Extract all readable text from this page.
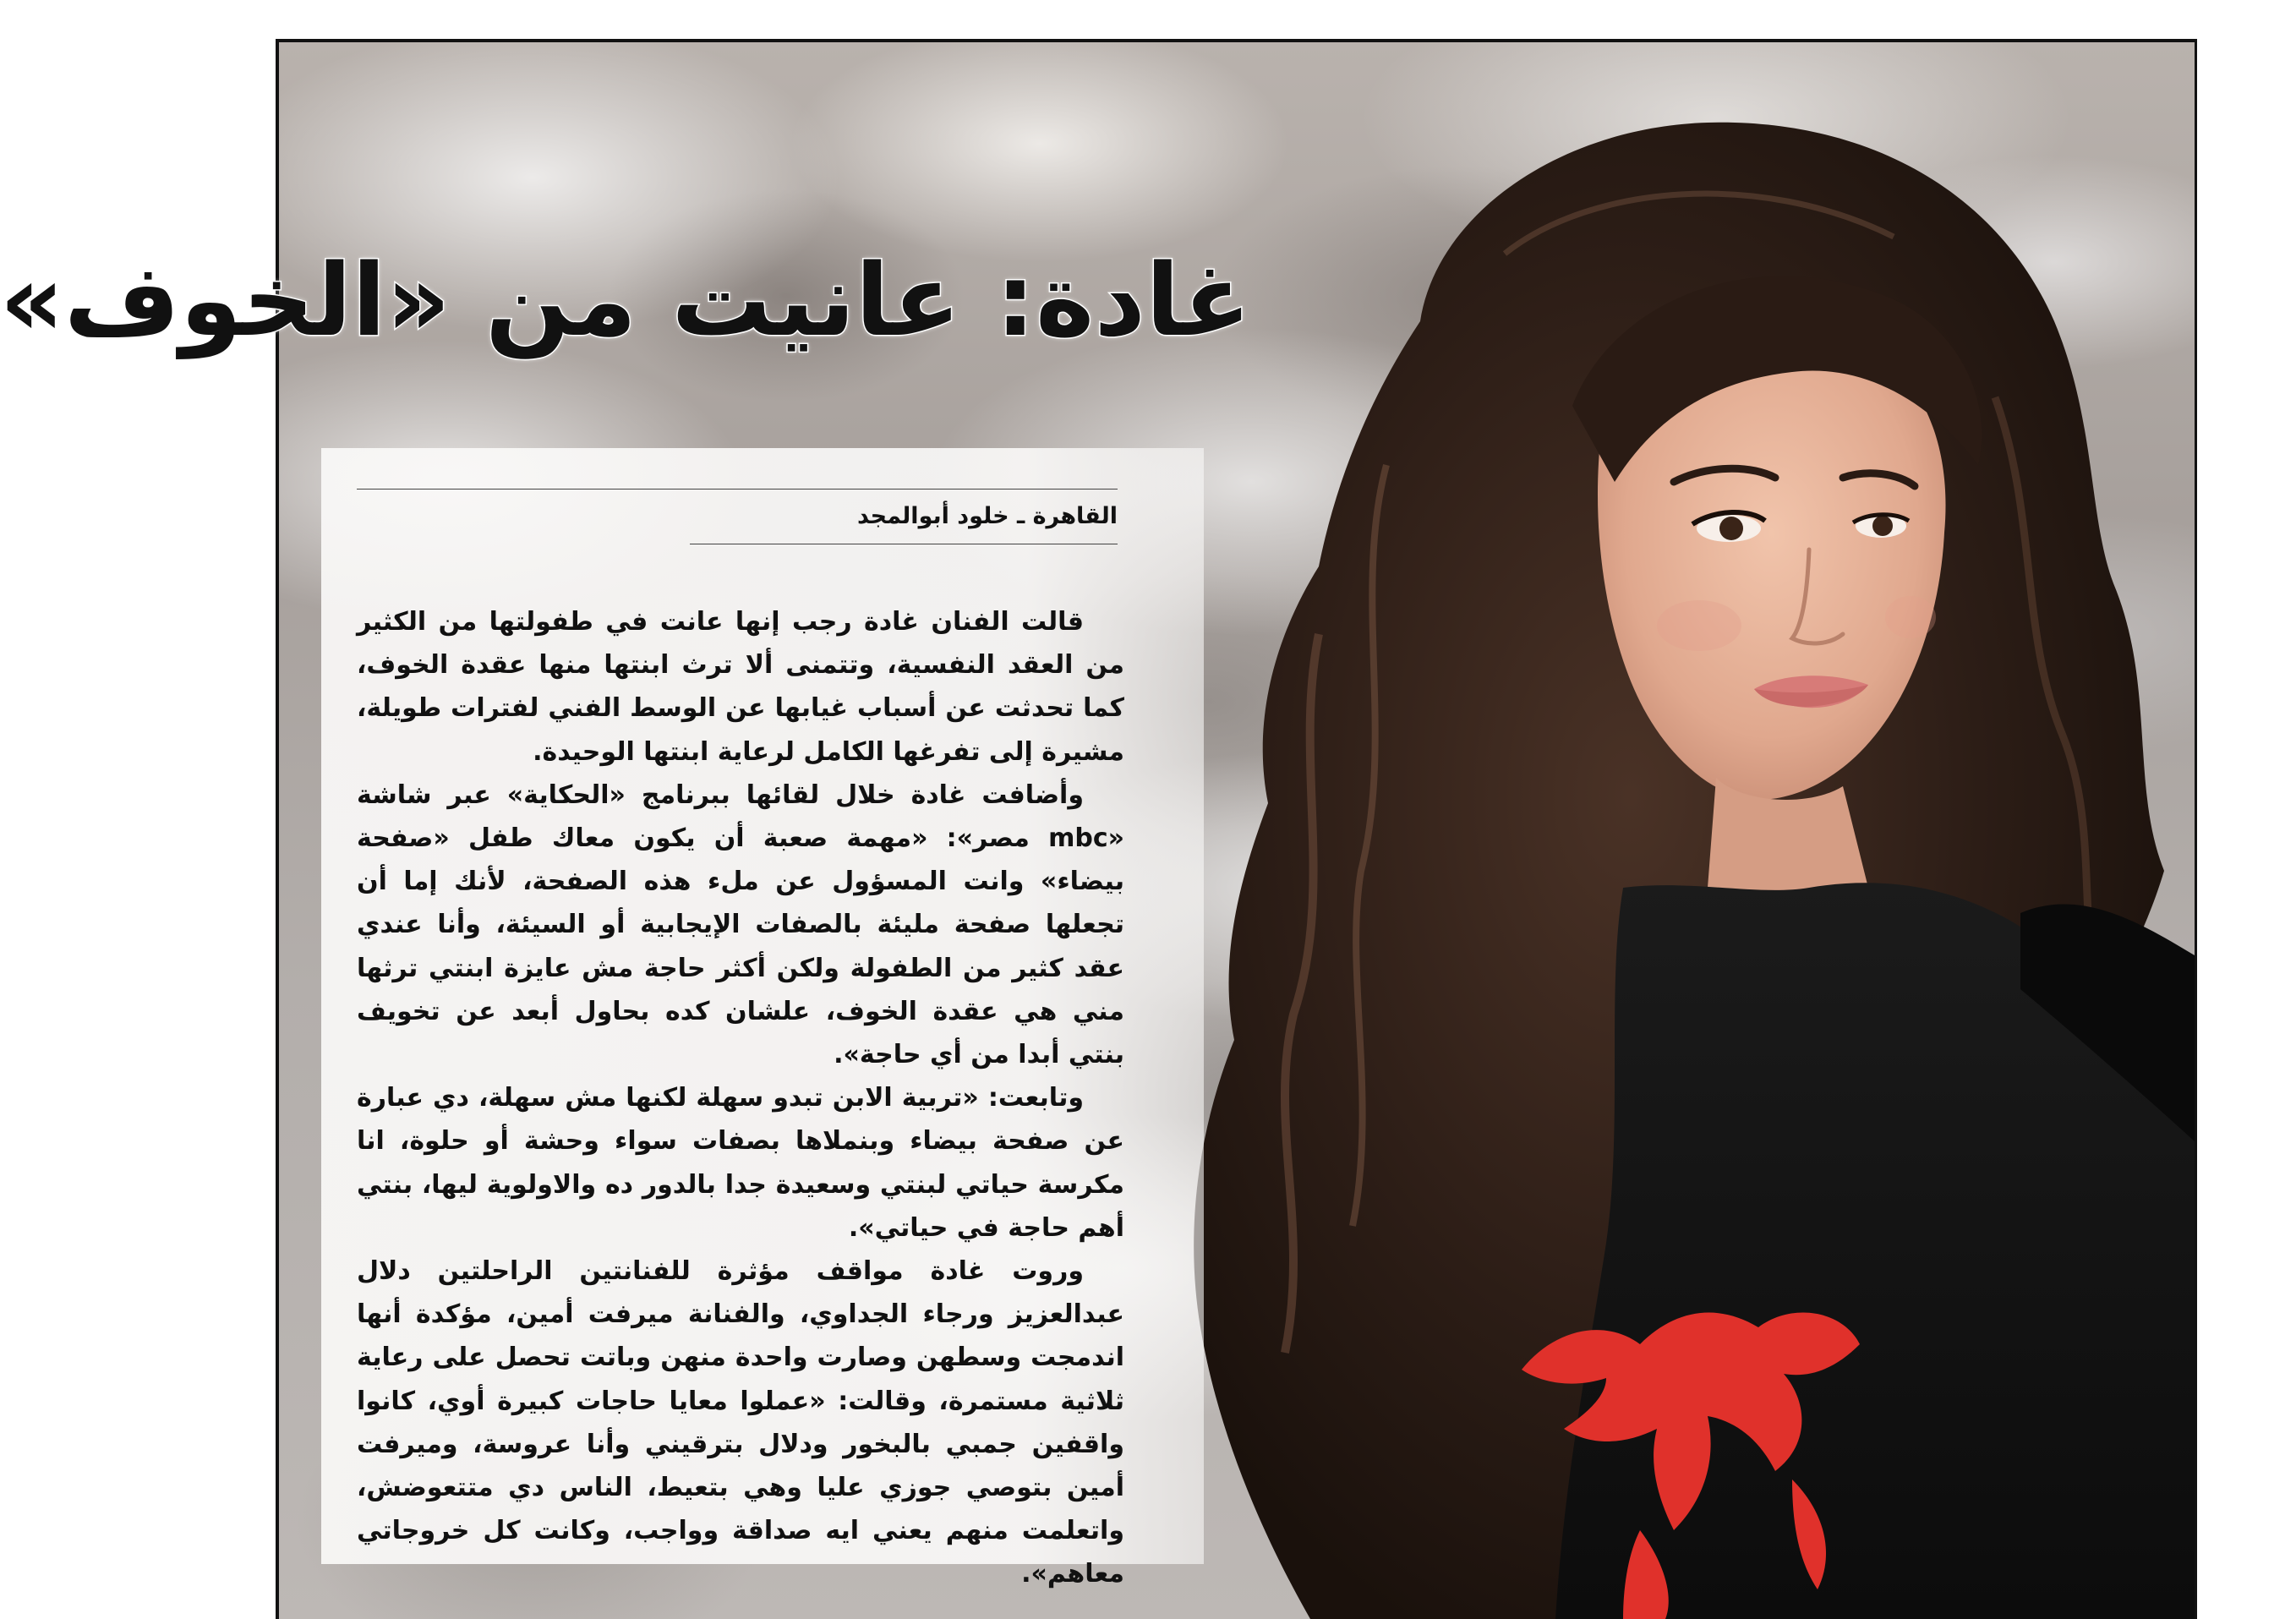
غادة: عانيت من «الخوف»
القاهرة ـ خلود أبوالمجد

قالت الفنان غادة رجب إنها عانت في طفولتها من الكثير من العقد النفسية، وتتمنى ألا ترث ابنتها منها عقدة الخوف، كما تحدثت عن أسباب غيابها عن الوسط الفني لفترات طويلة، مشيرة إلى تفرغها الكامل لرعاية ابنتها الوحيدة.

وأضافت غادة خلال لقائها ببرنامج «الحكاية» عبر شاشة «mbc مصر»: «مهمة صعبة أن يكون معاك طفل «صفحة بيضاء» وانت المسؤول عن ملء هذه الصفحة، لأنك إما أن تجعلها صفحة مليئة بالصفات الإيجابية أو السيئة، وأنا عندي عقد كثير من الطفولة ولكن أكثر حاجة مش عايزة ابنتي ترثها مني هي عقدة الخوف، علشان كده بحاول أبعد عن تخويف بنتي أبدا من أي حاجة».

وتابعت: «تربية الابن تبدو سهلة لكنها مش سهلة، دي عبارة عن صفحة بيضاء وبنملاها بصفات سواء وحشة أو حلوة، انا مكرسة حياتي لبنتي وسعيدة جدا بالدور ده والاولوية ليها، بنتي أهم حاجة في حياتي».

وروت غادة مواقف مؤثرة للفنانتين الراحلتين دلال عبدالعزيز ورجاء الجداوي، والفنانة ميرفت أمين، مؤكدة أنها اندمجت وسطهن وصارت واحدة منهن وباتت تحصل على رعاية ثلاثية مستمرة، وقالت: «عملوا معايا حاجات كبيرة أوي، كانوا واقفين جمبي بالبخور ودلال بترقيني وأنا عروسة، وميرفت أمين بتوصي جوزي عليا وهي بتعيط، الناس دي متتعوضش، واتعلمت منهم يعني ايه صداقة وواجب، وكانت كل خروجاتي معاهم».
